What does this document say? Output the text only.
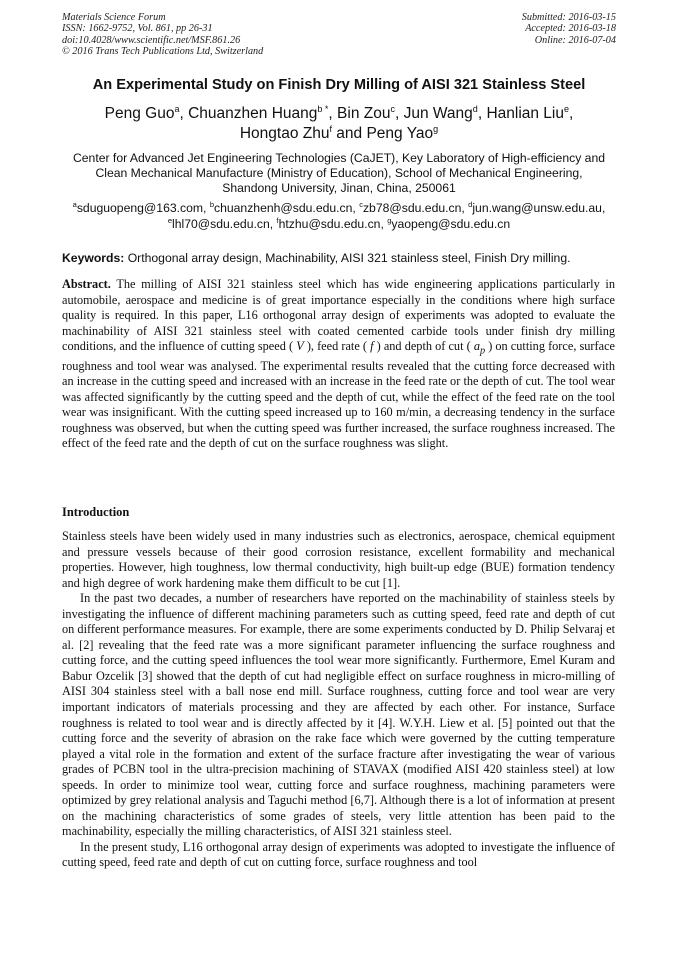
Materials Science Forum
ISSN: 1662-9752, Vol. 861, pp 26-31
doi:10.4028/www.scientific.net/MSF.861.26
© 2016 Trans Tech Publications Ltd, Switzerland
Submitted: 2016-03-15
Accepted: 2016-03-18
Online: 2016-07-04
An Experimental Study on Finish Dry Milling of AISI 321 Stainless Steel
Peng Guo$^a$, Chuanzhen Huang$^{b *}$, Bin Zou$^c$, Jun Wang$^d$, Hanlian Liu$^e$,
Hongtao Zhu$^f$ and Peng Yao$^g$
Center for Advanced Jet Engineering Technologies (CaJET), Key Laboratory of High-efficiency and
Clean Mechanical Manufacture (Ministry of Education), School of Mechanical Engineering,
Shandong University, Jinan, China, 250061
$^a$sduguopeng@163.com, $^b$chuanzhenh@sdu.edu.cn, $^c$zb78@sdu.edu.cn, $^d$jun.wang@unsw.edu.au,
$^e$lhl70@sdu.edu.cn, $^f$htzhu@sdu.edu.cn, $^g$yaopeng@sdu.edu.cn
Keywords: Orthogonal array design, Machinability, AISI 321 stainless steel, Finish Dry milling.
Abstract. The milling of AISI 321 stainless steel which has wide engineering applications particularly in automobile, aerospace and medicine is of great importance especially in the conditions where high surface quality is required. In this paper, L16 orthogonal array design of experiments was adopted to evaluate the machinability of AISI 321 stainless steel with coated cemented carbide tools under finish dry milling conditions, and the influence of cutting speed ( V ), feed rate ( f ) and depth of cut ( $a_p$ ) on cutting force, surface roughness and tool wear was analysed. The experimental results revealed that the cutting force decreased with an increase in the cutting speed and increased with an increase in the feed rate or the depth of cut. The tool wear was affected significantly by the cutting speed and the depth of cut, while the effect of the feed rate on the tool wear was insignificant. With the cutting speed increased up to 160 m/min, a decreasing tendency in the surface roughness was observed, but when the cutting speed was further increased, the surface roughness increased. The effect of the feed rate and the depth of cut on the surface roughness was slight.
Introduction

Stainless steels have been widely used in many industries such as electronics, aerospace, chemical equipment and pressure vessels because of their good corrosion resistance, excellent formability and mechanical properties. However, high toughness, low thermal conductivity, high built-up edge (BUE) formation tendency and high degree of work hardening make them difficult to be cut [1].

In the past two decades, a number of researchers have reported on the machinability of stainless steels by investigating the influence of different machining parameters such as cutting speed, feed rate and depth of cut on different performance measures. For example, there are some experiments conducted by D. Philip Selvaraj et al. [2] revealing that the feed rate was a more significant parameter influencing the surface roughness and cutting force, and the cutting speed influences the tool wear more significantly. Furthermore, Emel Kuram and Babur Ozcelik [3] showed that the depth of cut had negligible effect on surface roughness in micro-milling of AISI 304 stainless steel with a ball nose end mill. Surface roughness, cutting force and tool wear are very important indicators of materials processing and they are affected by each other. For instance, Surface roughness is related to tool wear and is directly affected by it [4]. W.Y.H. Liew et al. [5] pointed out that the cutting force and the severity of abrasion on the rake face which were governed by the cutting temperature played a vital role in the formation and extent of the surface fracture after investigating the wear of various grades of PCBN tool in the ultra-precision machining of STAVAX (modified AISI 420 stainless steel) at low speeds. In order to minimize tool wear, cutting force and surface roughness, machining parameters were optimized by grey relational analysis and Taguchi method [6,7]. Although there is a lot of information at present on the machining characteristics of some grades of steels, very little attention has been paid to the machinability, especially the milling characteristics, of AISI 321 stainless steel.

In the present study, L16 orthogonal array design of experiments was adopted to investigate the influence of cutting speed, feed rate and depth of cut on cutting force, surface roughness and tool
